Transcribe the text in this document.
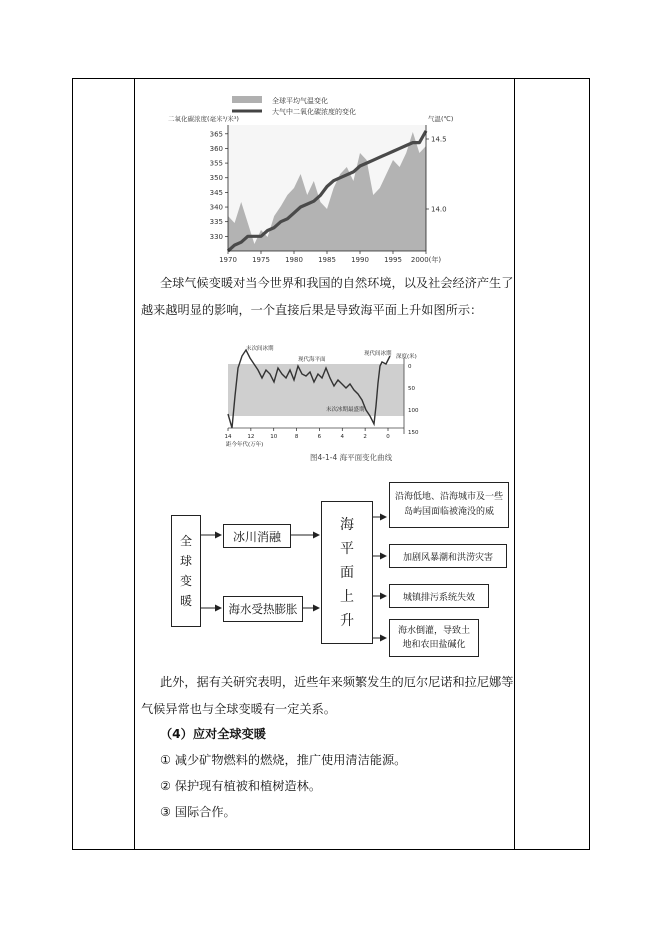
全球平均气温变化
大气中二氧化碳浓度的变化
二氧化碳浓度(毫米³/米³)	气温(℃)
365
360
355
350
345
340
335
330
14.5
14.0
1970 1975 1980 1985 1990 1995 2000(年)
全球气候变暖对当今世界和我国的自然环境，以及社会经济产生了
越来越明显的影响，一个直接后果是导致海平面上升如图所示：
末次间冰期
现代海平面
现代间冰期
末次冰期最盛期
深度(米)
距今年代(万年)
14	12	10	8	6	4	2	0
0
50
100
150
图4-1-4 海平面变化曲线
全
球
变
暖
冰川消融
海水受热膨胀
海
平
面
上
升
沿海低地、沿海城市及一些岛屿国面临被淹没的威
加剧风暴潮和洪涝灾害
城镇排污系统失效
海水倒灌，导致土地和农田盐碱化
此外，据有关研究表明，近些年来频繁发生的厄尔尼诺和拉尼娜等
气候异常也与全球变暖有一定关系。
（4）应对全球变暖
① 减少矿物燃料的燃烧，推广使用清洁能源。
② 保护现有植被和植树造林。
③ 国际合作。
